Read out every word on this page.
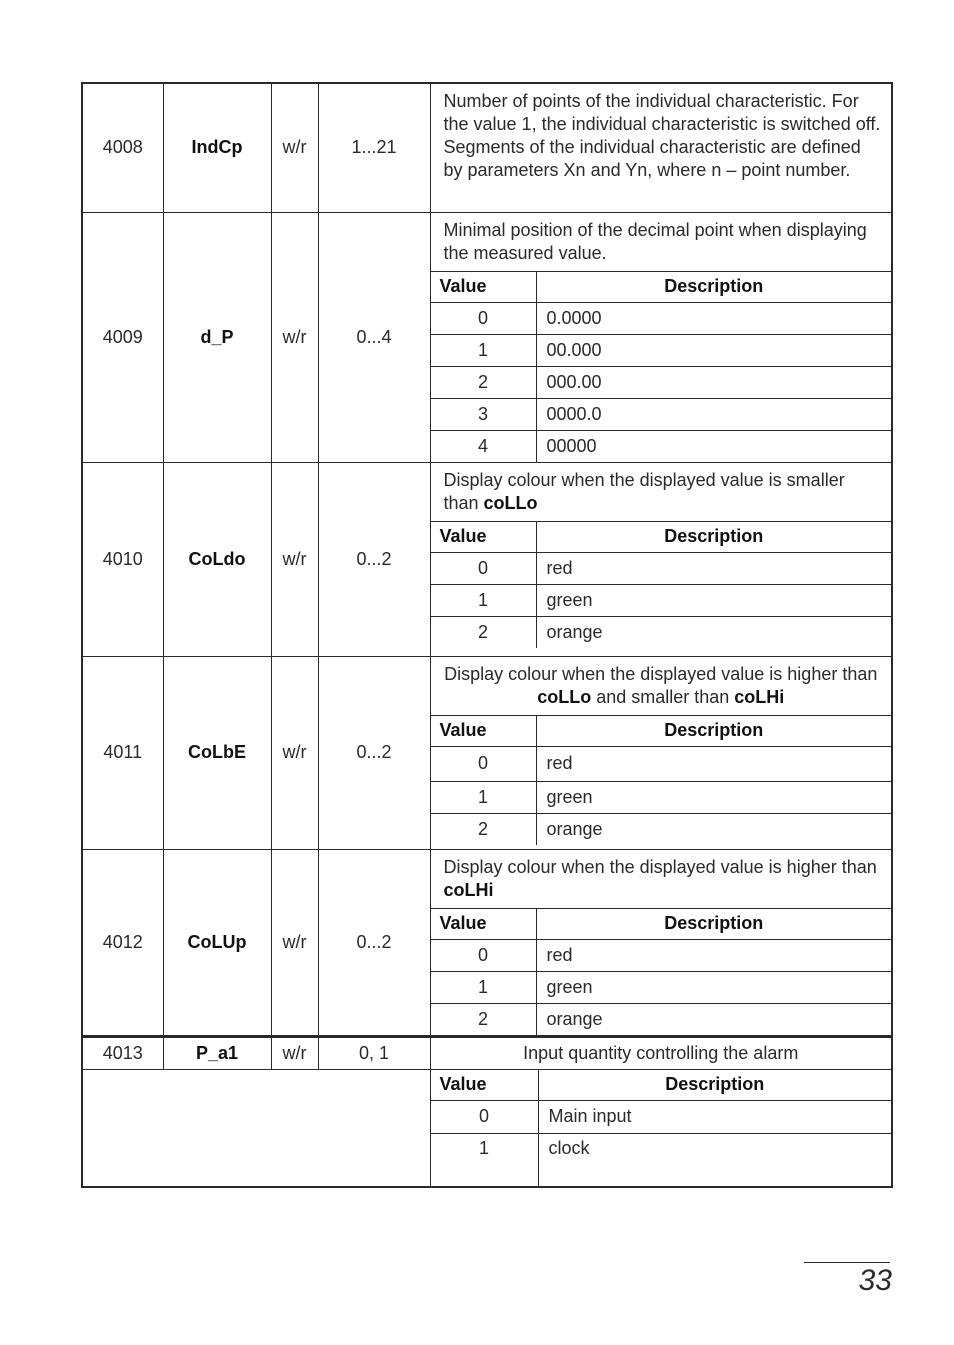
4008	IndCp	w/r	1...21	
Number of points of the individual characteristic. For the value 1, the individual characteristic is switched off. Segments of the individual characteristic are defined by parameters Xn and Yn, where n – point number.

4009	d_P	w/r	0...4	
Minimal position of the decimal point when displaying the measured value.
Value	Description
0	0.0000
1	00.000
2	000.00
3	0000.0
4	00000

4010	CoLdo	w/r	0...2	
Display colour when the displayed value is smaller than coLLo
Value	Description
0	red
1	green
2	orange

4011	CoLbE	w/r	0...2	
Display colour when the displayed value is higher than coLLo and smaller than coLHi
Value	Description
0	red
1	green
2	orange

4012	CoLUp	w/r	0...2	
Display colour when the displayed value is higher than coLHi
Value	Description
0	red
1	green
2	orange

4013	P_a1	w/r	0, 1	Input quantity controlling the alarm

Value	Description
0	Main input
1	clock
33
